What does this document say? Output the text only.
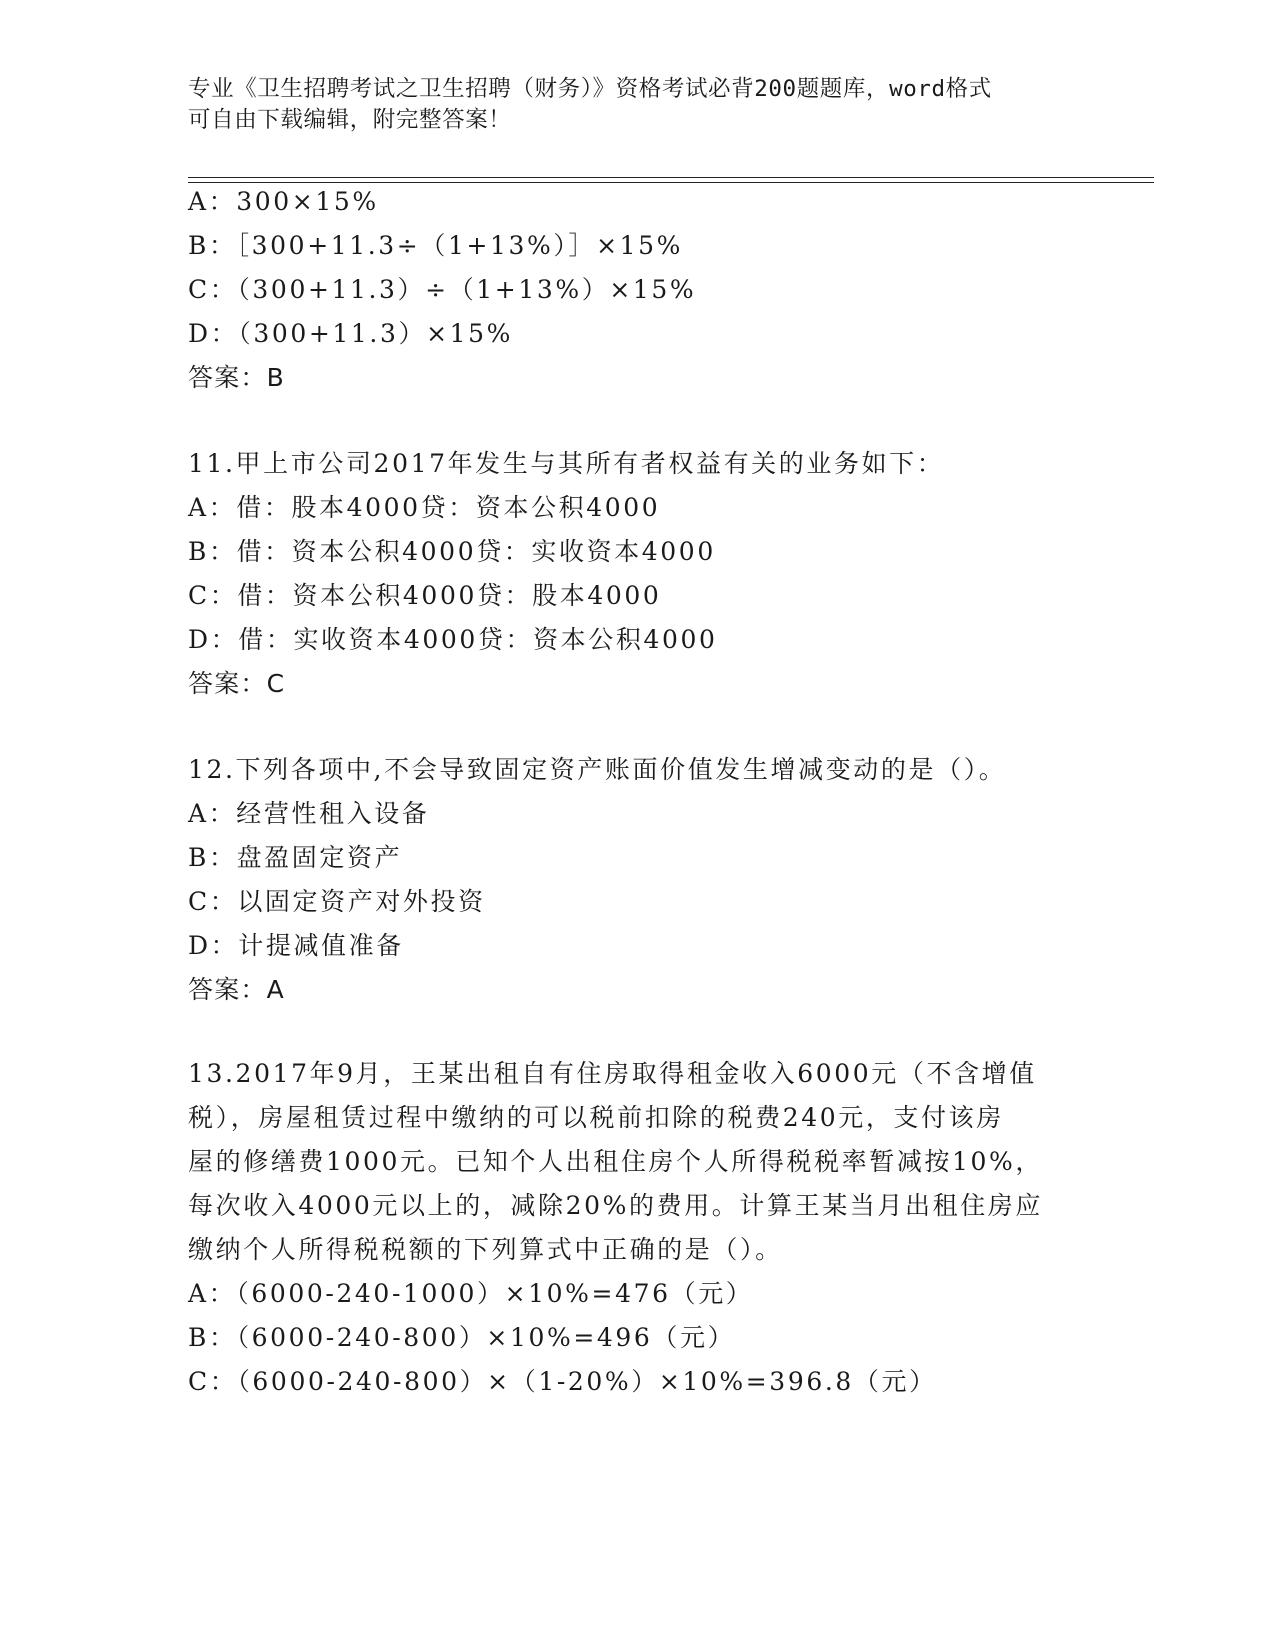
专业《卫生招聘考试之卫生招聘（财务）》资格考试必背200题题库，word格式

可自由下载编辑，附完整答案！

A：300×15%

B：［300+11.3÷（1+13%）］×15%

C：（300+11.3）÷（1+13%）×15%

D：（300+11.3）×15%

答案：B

11.甲上市公司2017年发生与其所有者权益有关的业务如下：

A：借：股本4000贷：资本公积4000

B：借：资本公积4000贷：实收资本4000

C：借：资本公积4000贷：股本4000

D：借：实收资本4000贷：资本公积4000

答案：C

12.下列各项中,不会导致固定资产账面价值发生增减变动的是（）。

A：经营性租入设备

B：盘盈固定资产

C：以固定资产对外投资

D：计提减值准备

答案：A

13.2017年9月，王某出租自有住房取得租金收入6000元（不含增值

税），房屋租赁过程中缴纳的可以税前扣除的税费240元，支付该房

屋的修缮费1000元。已知个人出租住房个人所得税税率暂减按10%，

每次收入4000元以上的，减除20%的费用。计算王某当月出租住房应

缴纳个人所得税税额的下列算式中正确的是（）。

A：（6000-240-1000）×10%=476（元）

B：（6000-240-800）×10%=496（元）

C：（6000-240-800）×（1-20%）×10%=396.8（元）
